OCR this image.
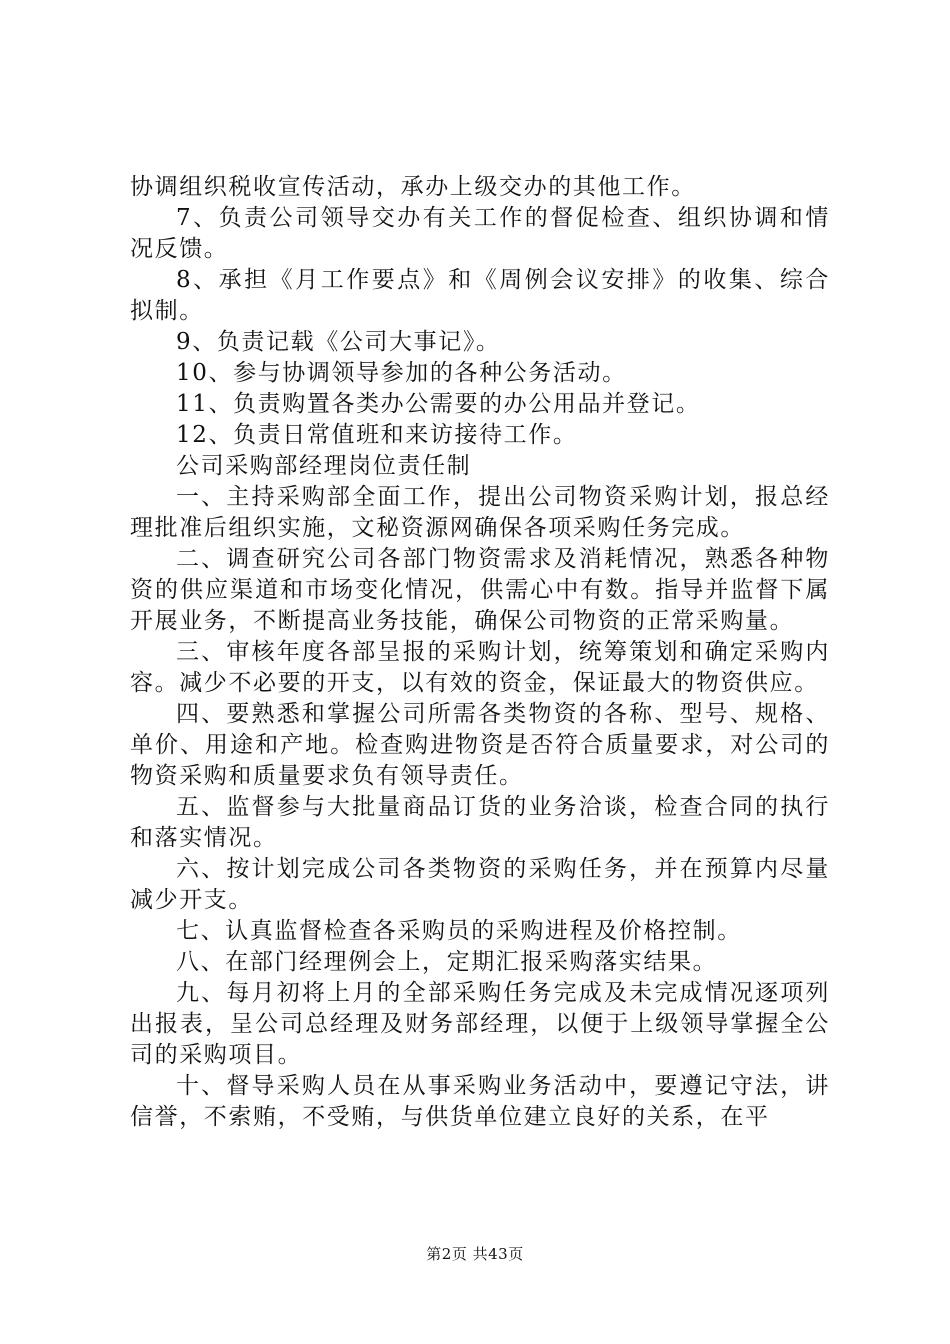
协调组织税收宣传活动，承办上级交办的其他工作。

7、负责公司领导交办有关工作的督促检查、组织协调和情况反馈。

8、承担《月工作要点》和《周例会议安排》的收集、综合拟制。

9、负责记载《公司大事记》。

10、参与协调领导参加的各种公务活动。

11、负责购置各类办公需要的办公用品并登记。

12、负责日常值班和来访接待工作。

公司采购部经理岗位责任制

一、主持采购部全面工作，提出公司物资采购计划，报总经理批准后组织实施，文秘资源网确保各项采购任务完成。

二、调查研究公司各部门物资需求及消耗情况，熟悉各种物资的供应渠道和市场变化情况，供需心中有数。指导并监督下属开展业务，不断提高业务技能，确保公司物资的正常采购量。

三、审核年度各部呈报的采购计划，统筹策划和确定采购内容。减少不必要的开支，以有效的资金，保证最大的物资供应。

四、要熟悉和掌握公司所需各类物资的各称、型号、规格、单价、用途和产地。检查购进物资是否符合质量要求，对公司的物资采购和质量要求负有领导责任。

五、监督参与大批量商品订货的业务洽谈，检查合同的执行和落实情况。

六、按计划完成公司各类物资的采购任务，并在预算内尽量减少开支。

七、认真监督检查各采购员的采购进程及价格控制。

八、在部门经理例会上，定期汇报采购落实结果。

九、每月初将上月的全部采购任务完成及未完成情况逐项列出报表，呈公司总经理及财务部经理，以便于上级领导掌握全公司的采购项目。

十、督导采购人员在从事采购业务活动中，要遵记守法，讲信誉，不索贿，不受贿，与供货单位建立良好的关系，在平

第2页 共43页
